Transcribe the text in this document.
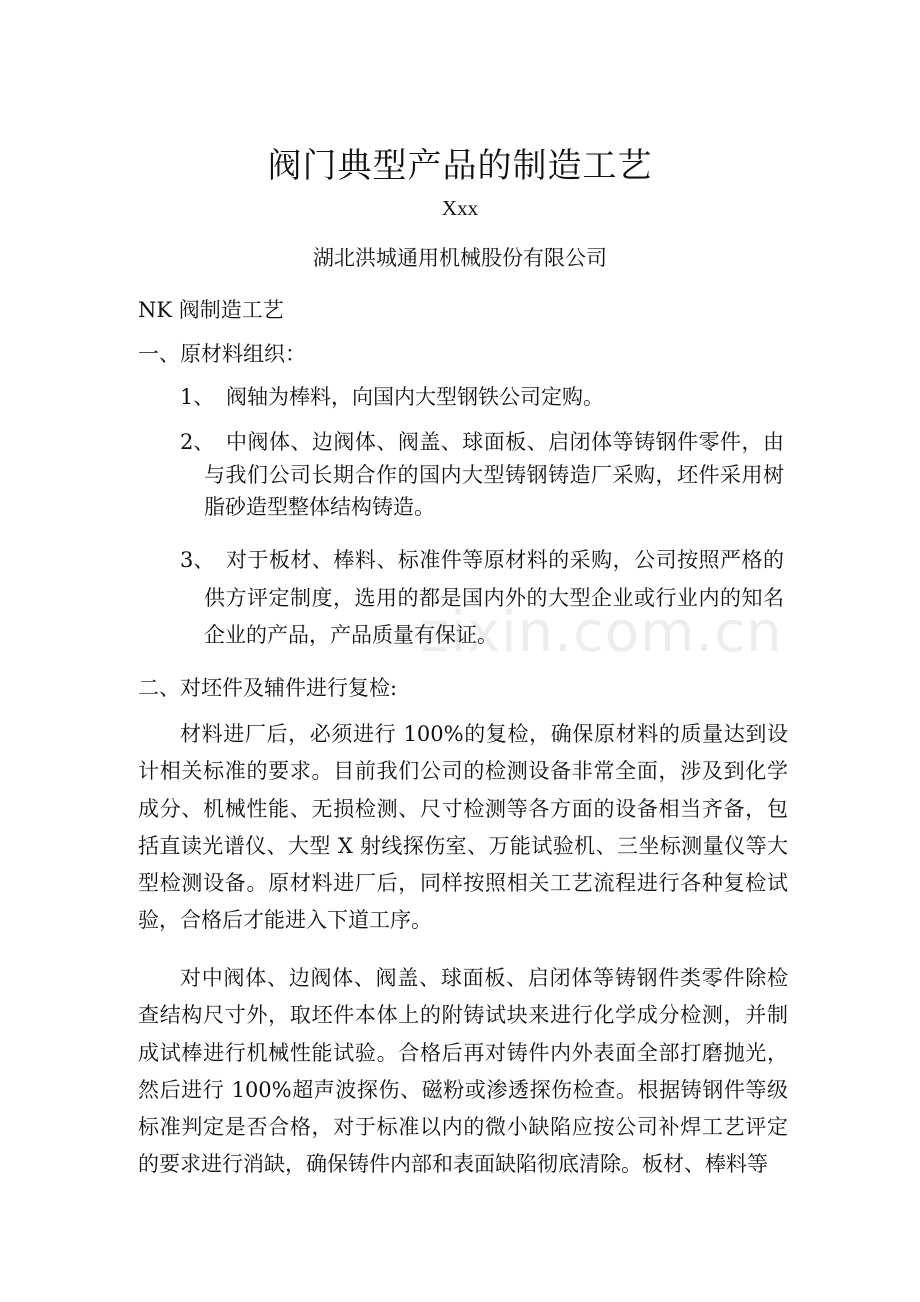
zixin.com.cn
阀门典型产品的制造工艺
Xxx
湖北洪城通用机械股份有限公司
NK 阀制造工艺
一、原材料组织：
1、 阀轴为棒料，向国内大型钢铁公司定购。
2、 中阀体、边阀体、阀盖、球面板、启闭体等铸钢件零件，由与我们公司长期合作的国内大型铸钢铸造厂采购，坯件采用树脂砂造型整体结构铸造。
3、 对于板材、棒料、标准件等原材料的采购，公司按照严格的供方评定制度，选用的都是国内外的大型企业或行业内的知名企业的产品，产品质量有保证。
二、对坯件及辅件进行复检:
材料进厂后，必须进行 100%的复检，确保原材料的质量达到设计相关标准的要求。目前我们公司的检测设备非常全面，涉及到化学成分、机械性能、无损检测、尺寸检测等各方面的设备相当齐备，包括直读光谱仪、大型 X 射线探伤室、万能试验机、三坐标测量仪等大型检测设备。原材料进厂后，同样按照相关工艺流程进行各种复检试验，合格后才能进入下道工序。
对中阀体、边阀体、阀盖、球面板、启闭体等铸钢件类零件除检查结构尺寸外，取坯件本体上的附铸试块来进行化学成分检测，并制成试棒进行机械性能试验。合格后再对铸件内外表面全部打磨抛光，然后进行 100%超声波探伤、磁粉或渗透探伤检查。根据铸钢件等级标准判定是否合格，对于标准以内的微小缺陷应按公司补焊工艺评定的要求进行消缺，确保铸件内部和表面缺陷彻底清除。板材、棒料等
